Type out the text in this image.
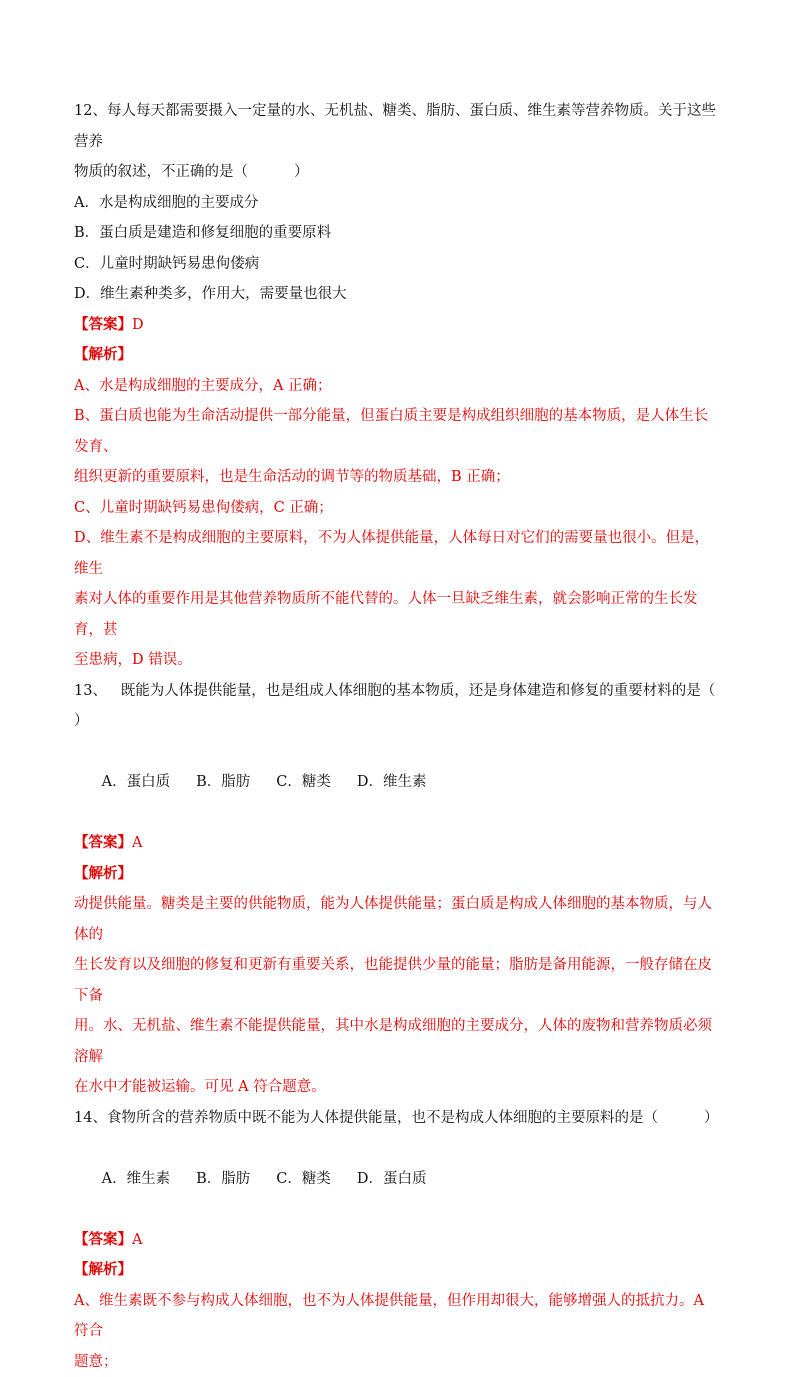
12、每人每天都需要摄入一定量的水、无机盐、糖类、脂肪、蛋白质、维生素等营养物质。关于这些营养
物质的叙述，不正确的是（          ）
A．水是构成细胞的主要成分
B．蛋白质是建造和修复细胞的重要原料
C．儿童时期缺钙易患佝偻病
D．维生素种类多，作用大，需要量也很大
【答案】D
【解析】
A、水是构成细胞的主要成分，A 正确；
B、蛋白质也能为生命活动提供一部分能量，但蛋白质主要是构成组织细胞的基本物质，是人体生长发育、
组织更新的重要原料，也是生命活动的调节等的物质基础，B 正确；
C、儿童时期缺钙易患佝偻病，C 正确；
D、维生素不是构成细胞的主要原料，不为人体提供能量，人体每日对它们的需要量也很小。但是，维生
素对人体的重要作用是其他营养物质所不能代替的。人体一旦缺乏维生素，就会影响正常的生长发育，甚
至患病，D 错误。
13、   既能为人体提供能量，也是组成人体细胞的基本物质，还是身体建造和修复的重要材料的是（
）

A．蛋白质 B．脂肪 C．糖类 D．维生素

【答案】A
【解析】
动提供能量。糖类是主要的供能物质，能为人体提供能量；蛋白质是构成人体细胞的基本物质，与人体的
生长发育以及细胞的修复和更新有重要关系，也能提供少量的能量；脂肪是备用能源，一般存储在皮下备
用。水、无机盐、维生素不能提供能量，其中水是构成细胞的主要成分，人体的废物和营养物质必须溶解
在水中才能被运输。可见 A 符合题意。
14、食物所含的营养物质中既不能为人体提供能量，也不是构成人体细胞的主要原料的是（          ）

A．维生素 B．脂肪 C．糖类 D．蛋白质

【答案】A
【解析】
A、维生素既不参与构成人体细胞，也不为人体提供能量，但作用却很大，能够增强人的抵抗力。A 符合
题意；
